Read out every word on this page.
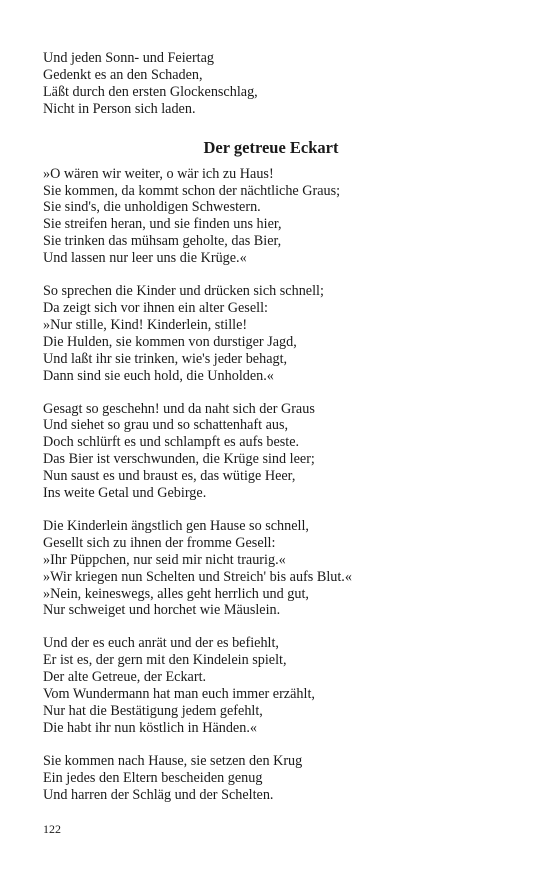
Und jeden Sonn- und Feiertag
Gedenkt es an den Schaden,
Läßt durch den ersten Glockenschlag,
Nicht in Person sich laden.
Der getreue Eckart
»O wären wir weiter, o wär ich zu Haus!
Sie kommen, da kommt schon der nächtliche Graus;
Sie sind's, die unholdigen Schwestern.
Sie streifen heran, und sie finden uns hier,
Sie trinken das mühsam geholte, das Bier,
Und lassen nur leer uns die Krüge.«
So sprechen die Kinder und drücken sich schnell;
Da zeigt sich vor ihnen ein alter Gesell:
»Nur stille, Kind! Kinderlein, stille!
Die Hulden, sie kommen von durstiger Jagd,
Und laßt ihr sie trinken, wie's jeder behagt,
Dann sind sie euch hold, die Unholden.«
Gesagt so geschehn! und da naht sich der Graus
Und siehet so grau und so schattenhaft aus,
Doch schlürft es und schlampft es aufs beste.
Das Bier ist verschwunden, die Krüge sind leer;
Nun saust es und braust es, das wütige Heer,
Ins weite Getal und Gebirge.
Die Kinderlein ängstlich gen Hause so schnell,
Gesellt sich zu ihnen der fromme Gesell:
»Ihr Püppchen, nur seid mir nicht traurig.«
»Wir kriegen nun Schelten und Streich' bis aufs Blut.«
»Nein, keineswegs, alles geht herrlich und gut,
Nur schweiget und horchet wie Mäuslein.
Und der es euch anrät und der es befiehlt,
Er ist es, der gern mit den Kindelein spielt,
Der alte Getreue, der Eckart.
Vom Wundermann hat man euch immer erzählt,
Nur hat die Bestätigung jedem gefehlt,
Die habt ihr nun köstlich in Händen.«
Sie kommen nach Hause, sie setzen den Krug
Ein jedes den Eltern bescheiden genug
Und harren der Schläg und der Schelten.
122
